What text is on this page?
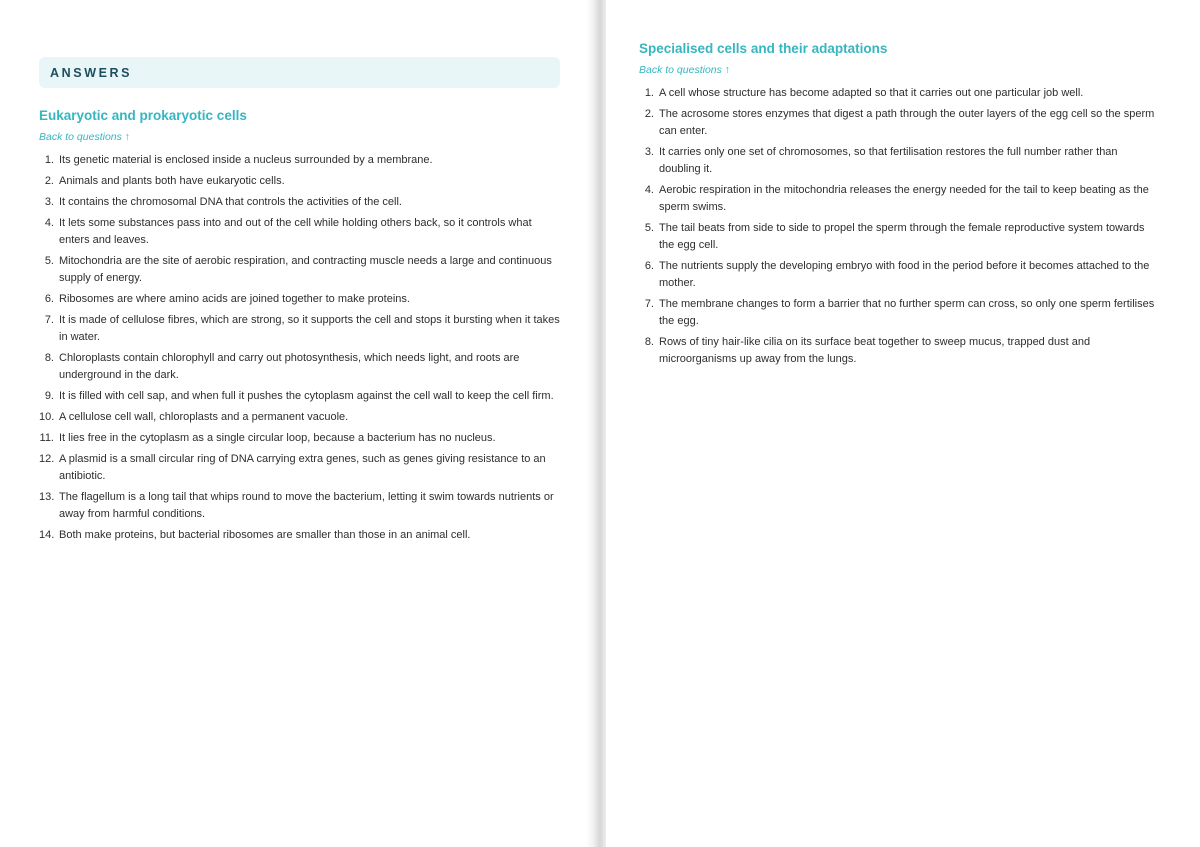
ANSWERS
Eukaryotic and prokaryotic cells
Back to questions ↑
1. Its genetic material is enclosed inside a nucleus surrounded by a membrane.
2. Animals and plants both have eukaryotic cells.
3. It contains the chromosomal DNA that controls the activities of the cell.
4. It lets some substances pass into and out of the cell while holding others back, so it controls what enters and leaves.
5. Mitochondria are the site of aerobic respiration, and contracting muscle needs a large and continuous supply of energy.
6. Ribosomes are where amino acids are joined together to make proteins.
7. It is made of cellulose fibres, which are strong, so it supports the cell and stops it bursting when it takes in water.
8. Chloroplasts contain chlorophyll and carry out photosynthesis, which needs light, and roots are underground in the dark.
9. It is filled with cell sap, and when full it pushes the cytoplasm against the cell wall to keep the cell firm.
10. A cellulose cell wall, chloroplasts and a permanent vacuole.
11. It lies free in the cytoplasm as a single circular loop, because a bacterium has no nucleus.
12. A plasmid is a small circular ring of DNA carrying extra genes, such as genes giving resistance to an antibiotic.
13. The flagellum is a long tail that whips round to move the bacterium, letting it swim towards nutrients or away from harmful conditions.
14. Both make proteins, but bacterial ribosomes are smaller than those in an animal cell.
Specialised cells and their adaptations
Back to questions ↑
1. A cell whose structure has become adapted so that it carries out one particular job well.
2. The acrosome stores enzymes that digest a path through the outer layers of the egg cell so the sperm can enter.
3. It carries only one set of chromosomes, so that fertilisation restores the full number rather than doubling it.
4. Aerobic respiration in the mitochondria releases the energy needed for the tail to keep beating as the sperm swims.
5. The tail beats from side to side to propel the sperm through the female reproductive system towards the egg cell.
6. The nutrients supply the developing embryo with food in the period before it becomes attached to the mother.
7. The membrane changes to form a barrier that no further sperm can cross, so only one sperm fertilises the egg.
8. Rows of tiny hair-like cilia on its surface beat together to sweep mucus, trapped dust and microorganisms up away from the lungs.
